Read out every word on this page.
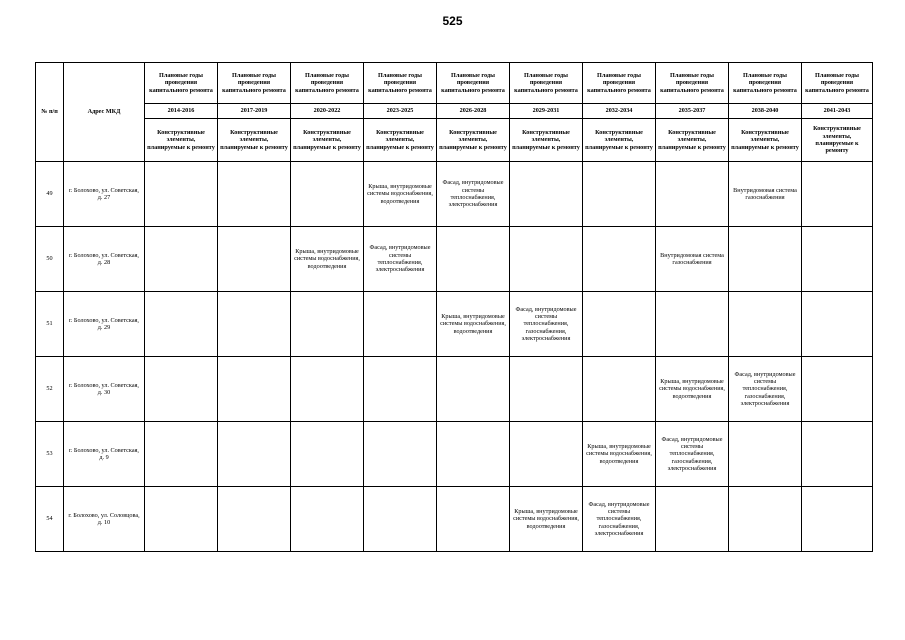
525
№ п/п	Адрес МКД	Плановые годы проведения капитального ремонта	Плановые годы проведения капитального ремонта	Плановые годы проведения капитального ремонта	Плановые годы проведения капитального ремонта	Плановые годы проведения капитального ремонта	Плановые годы проведения капитального ремонта	Плановые годы проведения капитального ремонта	Плановые годы проведения капитального ремонта	Плановые годы проведения капитального ремонта	Плановые годы проведения капитального ремонта
		2014-2016	2017-2019	2020-2022	2023-2025	2026-2028	2029-2031	2032-2034	2035-2037	2038-2040	2041-2043
		Конструктивные элементы, планируемые к ремонту	Конструктивные элементы, планируемые к ремонту	Конструктивные элементы, планируемые к ремонту	Конструктивные элементы, планируемые к ремонту	Конструктивные элементы, планируемые к ремонту	Конструктивные элементы, планируемые к ремонту	Конструктивные элементы, планируемые к ремонту	Конструктивные элементы, планируемые к ремонту	Конструктивные элементы, планируемые к ремонту	Конструктивные элементы, планируемые к ремонту
49	г. Болохово, ул. Советская, д. 27				Крыша, внутридомовые системы водоснабжения, водоотведения	Фасад, внутридомовые системы теплоснабжения, электроснабжения				Внутридомовая система газоснабжения	
50	г. Болохово, ул. Советская, д. 28			Крыша, внутридомовые системы водоснабжения, водоотведения	Фасад, внутридомовые системы теплоснабжения, электроснабжения				Внутридомовая система газоснабжения		
51	г. Болохово, ул. Советская, д. 29					Крыша, внутридомовые системы водоснабжения, водоотведения	Фасад, внутридомовые системы теплоснабжения, газоснабжения, электроснабжения				
52	г. Болохово, ул. Советская, д. 30								Крыша, внутридомовые системы водоснабжения, водоотведения	Фасад, внутридомовые системы теплоснабжения, газоснабжения, электроснабжения	
53	г. Болохово, ул. Советская, д. 9							Крыша, внутридомовые системы водоснабжения, водоотведения	Фасад, внутридомовые системы теплоснабжения, газоснабжения, электроснабжения		
54	г. Болохово, ул. Соловцова, д. 10						Крыша, внутридомовые системы водоснабжения, водоотведения	Фасад, внутридомовые системы теплоснабжения, газоснабжения, электроснабжения			
